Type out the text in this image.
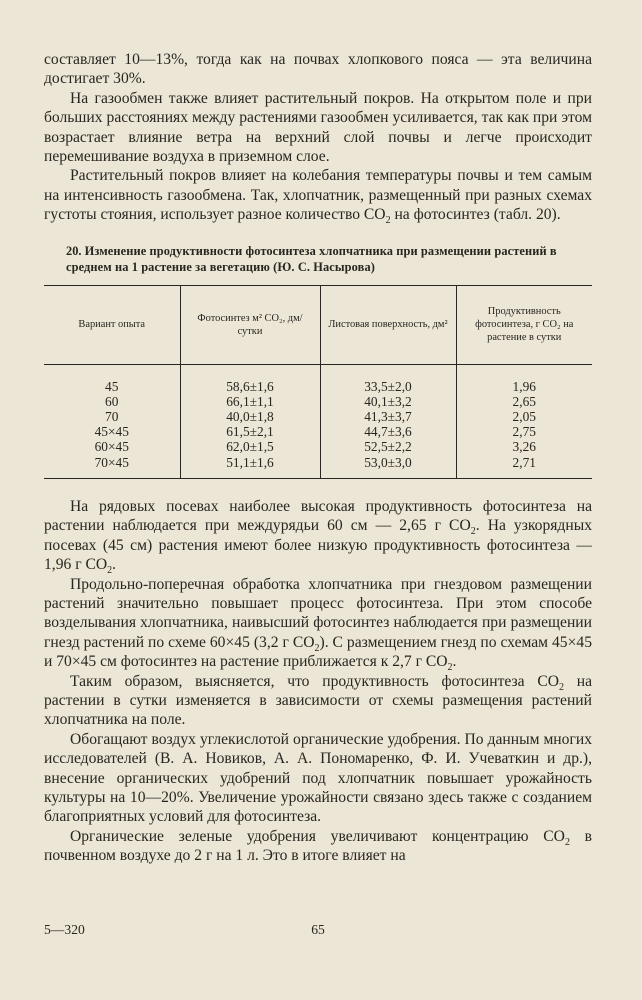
составляет 10—13%, тогда как на почвах хлопкового пояса — эта величина достигает 30%.

На газообмен также влияет растительный покров. На открытом поле и при больших расстояниях между растениями газообмен усиливается, так как при этом возрастает влияние ветра на верхний слой почвы и легче происходит перемешивание воздуха в приземном слое.

Растительный покров влияет на колебания температуры почвы и тем самым на интенсивность газообмена. Так, хлопчатник, размещенный при разных схемах густоты стояния, использует разное количество $CO_2$ на фотосинтез (табл. 20).

20. Изменение продуктивности фотосинтеза хлопчатника при размещении растений в среднем на 1 растение за вегетацию (Ю. С. Насырова)
Вариант опыта	Фотосинтез м² CO₂, дм/сутки	Листовая поверхность, дм²	Продуктивность фотосинтеза, г CO₂ на растение в сутки
45	58,6±1,6	33,5±2,0	1,96
60	66,1±1,1	40,1±3,2	2,65
70	40,0±1,8	41,3±3,7	2,05
45×45	61,5±2,1	44,7±3,6	2,75
60×45	62,0±1,5	52,5±2,2	3,26
70×45	51,1±1,6	53,0±3,0	2,71

На рядовых посевах наиболее высокая продуктивность фотосинтеза на растении наблюдается при междурядьи 60 см — 2,65 г $CO_2$. На узкорядных посевах (45 см) растения имеют более низкую продуктивность фотосинтеза — 1,96 г $CO_2$.

Продольно-поперечная обработка хлопчатника при гнездовом размещении растений значительно повышает процесс фотосинтеза. При этом способе возделывания хлопчатника, наивысший фотосинтез наблюдается при размещении гнезд растений по схеме 60×45 (3,2 г $CO_2$). С размещением гнезд по схемам 45×45 и 70×45 см фотосинтез на растение приближается к 2,7 г $CO_2$.

Таким образом, выясняется, что продуктивность фотосинтеза $CO_2$ на растении в сутки изменяется в зависимости от схемы размещения растений хлопчатника на поле.

Обогащают воздух углекислотой органические удобрения. По данным многих исследователей (В. А. Новиков, А. А. Пономаренко, Ф. И. Учеваткин и др.), внесение органических удобрений под хлопчатник повышает урожайность культуры на 10—20%. Увеличение урожайности связано здесь также с созданием благоприятных условий для фотосинтеза.

Органические зеленые удобрения увеличивают концентрацию $CO_2$ в почвенном воздухе до 2 г на 1 л. Это в итоге влияет на

5—320	65
